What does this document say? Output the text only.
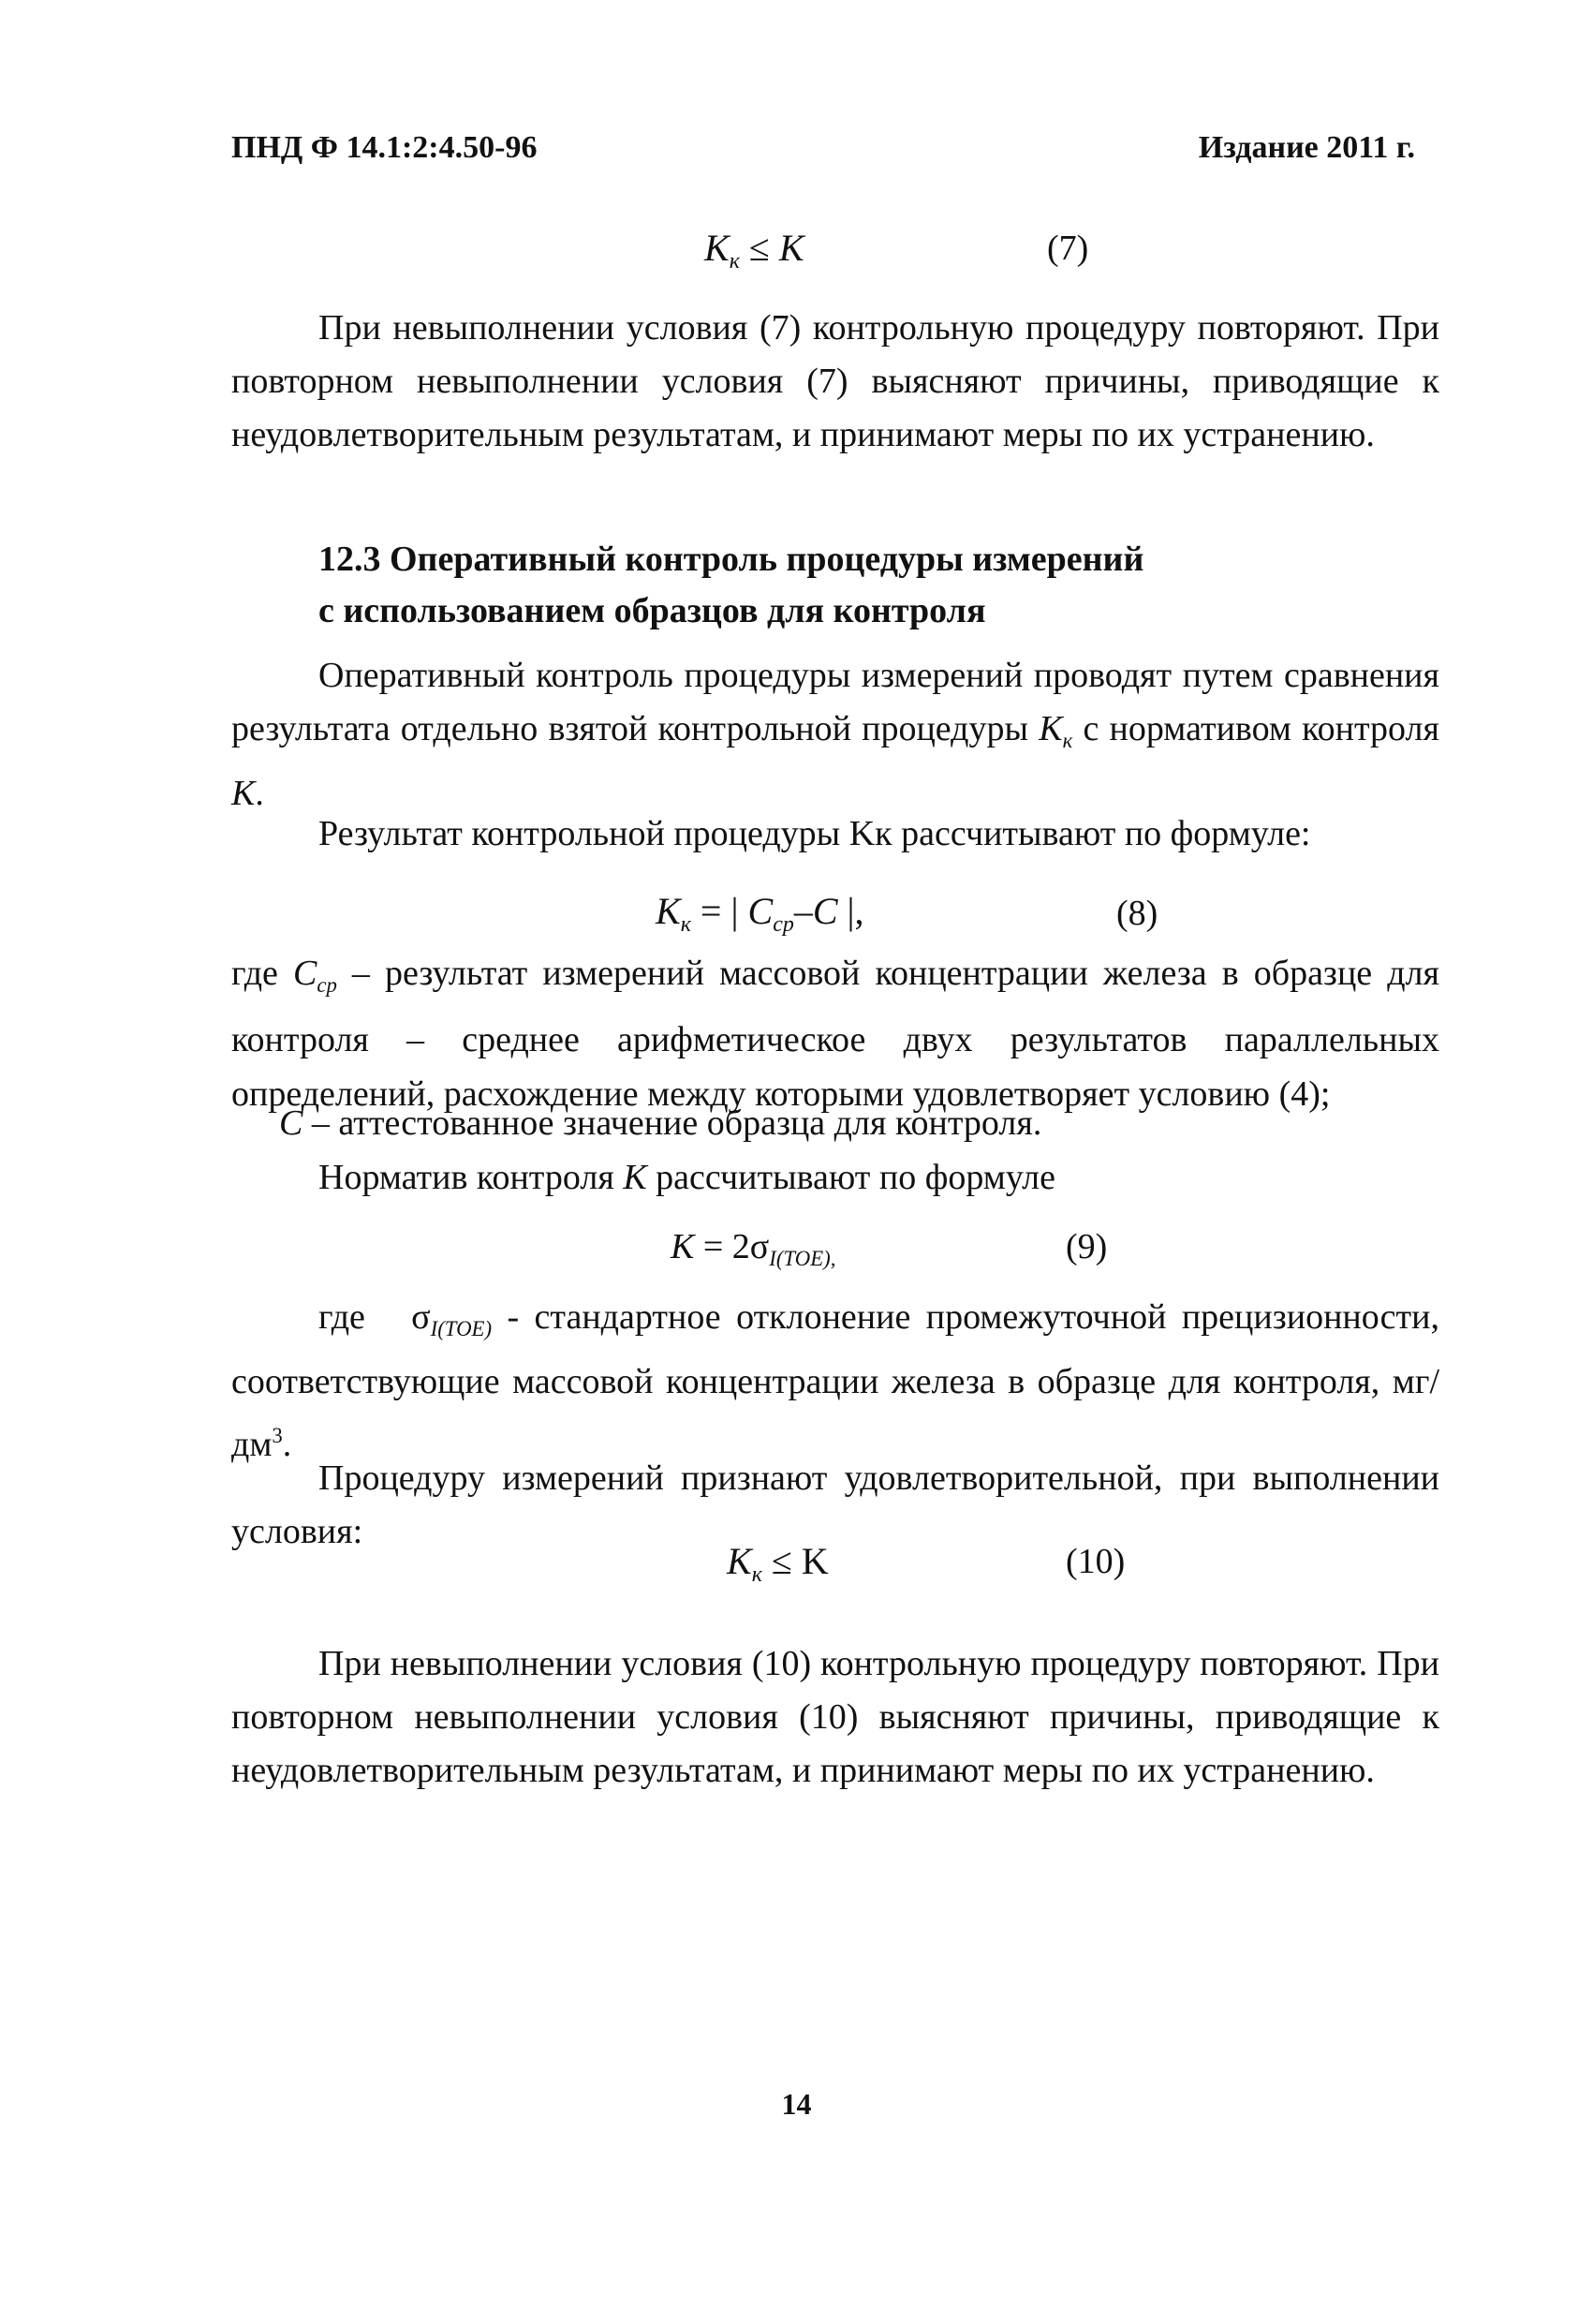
ПНД Ф 14.1:2:4.50-96	Издание 2011 г.
$K_к \le K$	(7)
При невыполнении условия (7) контрольную процедуру повторяют. При повторном невыполнении условия (7) выясняют причины, приводящие к неудовлетворительным результатам, и принимают меры по их устранению.
12.3 Оперативный контроль процедуры измерений
с использованием образцов для контроля
Оперативный контроль процедуры измерений проводят путем сравнения результата отдельно взятой контрольной процедуры $K_к$ с нормативом контроля K.
Результат контрольной процедуры Kк рассчитывают по формуле:
$K_к$ = | $C_{ср}-C$ |,	(8)
где $C_{ср}$ – результат измерений массовой концентрации железа в образце для контроля – среднее арифметическое двух результатов параллельных определений, расхождение между которыми удовлетворяет условию (4);
C – аттестованное значение образца для контроля.
Норматив контроля K рассчитывают по формуле
$K = 2\sigma_{I(TOE),}$	(9)
где   $\sigma_{I(TOE)}$ - стандартное отклонение промежуточной прецизионности, соответствующие массовой концентрации железа в образце для контроля, $мг/дм^3$.
Процедуру измерений признают удовлетворительной, при выполнении условия:
$K_к \le K$	(10)
При невыполнении условия (10) контрольную процедуру повторяют. При повторном невыполнении условия (10) выясняют причины, приводящие к неудовлетворительным результатам, и принимают меры по их устранению.
14
